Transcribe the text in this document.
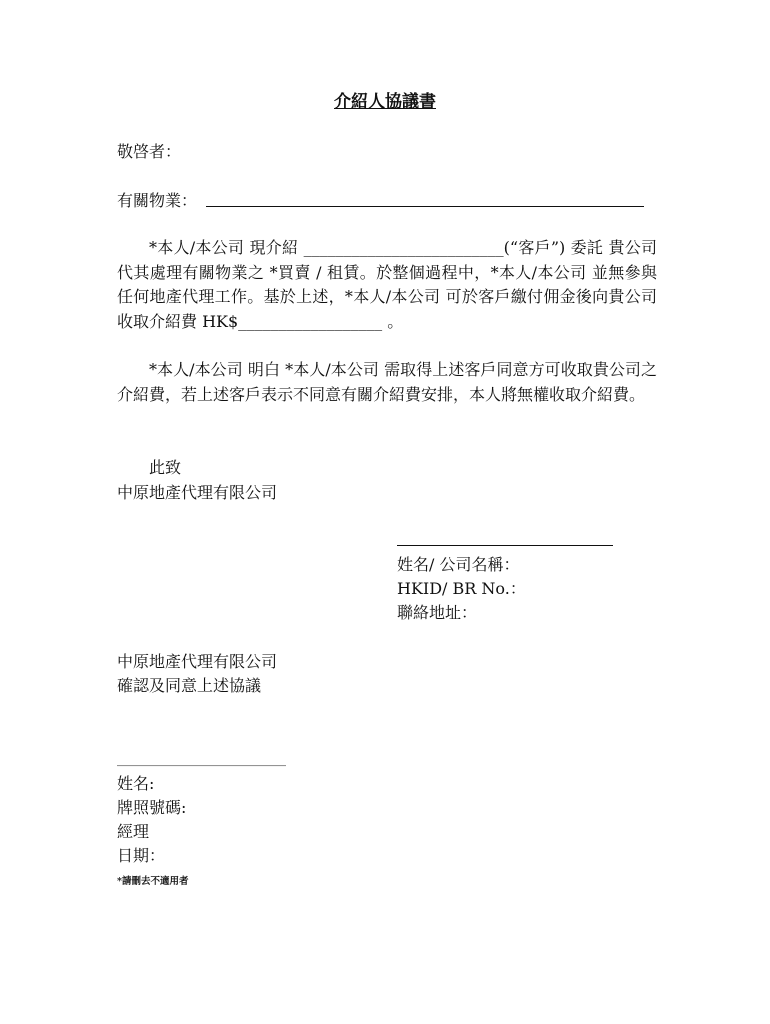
介紹人協議書
敬啓者：
有關物業：
*本人/本公司 現介紹 _________________________(“客戶”) 委託 貴公司代其處理有關物業之 *買賣 / 租賃。於整個過程中，*本人/本公司 並無參與任何地產代理工作。基於上述，*本人/本公司 可於客戶繳付佣金後向貴公司收取介紹費 HK$__________________ 。
*本人/本公司 明白 *本人/本公司 需取得上述客戶同意方可收取貴公司之介紹費，若上述客戶表示不同意有關介紹費安排，本人將無權收取介紹費。
此致
中原地產代理有限公司
姓名/ 公司名稱：
HKID/ BR No.：
聯絡地址：
中原地產代理有限公司
確認及同意上述協議
__________________________
姓名:
牌照號碼:
經理
日期：
*請刪去不適用者
